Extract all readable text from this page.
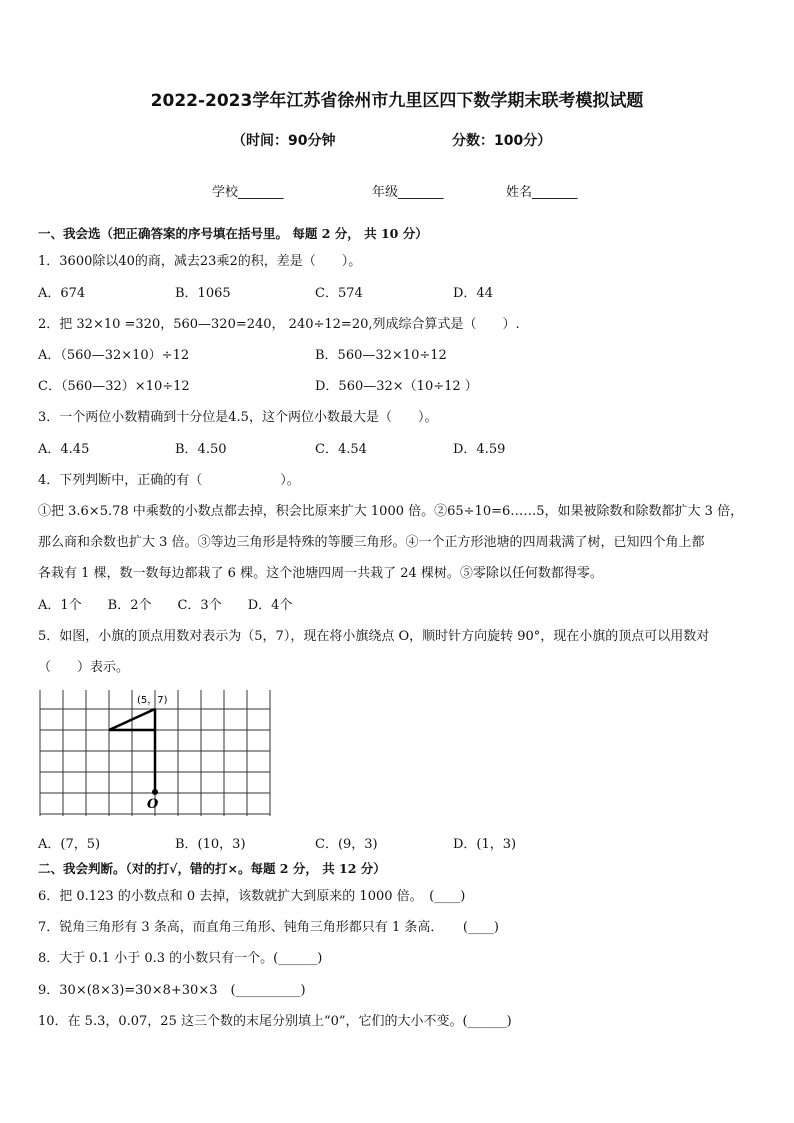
2022-2023学年江苏省徐州市九里区四下数学期末联考模拟试题
（时间：90分钟	分数：100分）
学校_______	年级_______	姓名_______
一、我会选（把正确答案的序号填在括号里。 每题 2 分， 共 10 分）
1．3600除以40的商，减去23乘2的积，差是（　　）。
A．674	B．1065	C．574	D．44
2．把 32×10 =320，560—320=240， 240÷12=20,列成综合算式是（　　）.
A．（560—32×10）÷12	B．560—32×10÷12
C．（560—32）×10÷12	D．560—32×（10÷12 ）
3．一个两位小数精确到十分位是4.5，这个两位小数最大是（　　）。
A．4.45	B．4.50	C．4.54	D．4.59
4．下列判断中，正确的有（　　　　　　）。
①把 3.6×5.78 中乘数的小数点都去掉，积会比原来扩大 1000 倍。②65÷10=6……5，如果被除数和除数都扩大 3 倍，
那么商和余数也扩大 3 倍。③等边三角形是特殊的等腰三角形。④一个正方形池塘的四周栽满了树，已知四个角上都
各栽有 1 棵，数一数每边都栽了 6 棵。这个池塘四周一共栽了 24 棵树。⑤零除以任何数都得零。
A．1个　　B．2个　　C．3个　　D．4个
5．如图，小旗的顶点用数对表示为（5，7），现在将小旗绕点 O，顺时针方向旋转 90°，现在小旗的顶点可以用数对
（　　）表示。
(5，7)
O
A．(7，5)	B．(10，3)	C．(9，3)	D．(1，3)
二、我会判断。（对的打√，错的打×。每题 2 分， 共 12 分）
6．把 0.123 的小数点和 0 去掉，该数就扩大到原来的 1000 倍。　(____)
7．锐角三角形有 3 条高，而直角三角形、钝角三角形都只有 1 条高．　　(____)
8．大于 0.1 小于 0.3 的小数只有一个。(______)
9．30×(8×3)=30×8+30×3　(__________)
10．在 5.3，0.07，25 这三个数的末尾分别填上“0”，它们的大小不变。(______)
